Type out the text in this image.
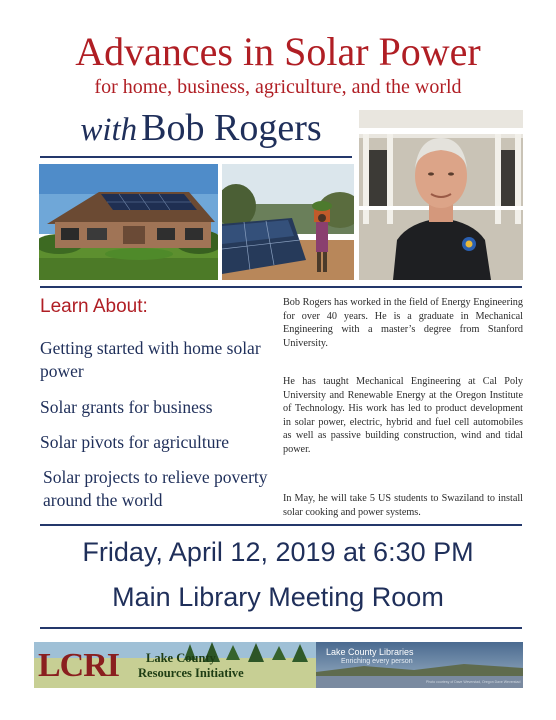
Advances in Solar Power
for home, business, agriculture, and the world
with Bob Rogers
Learn About:
Getting started with home solar power
Solar grants for business
Solar pivots for agriculture
Solar projects to relieve poverty around the world
Bob Rogers has worked in the field of Energy Engineering for over 40 years. He is a graduate in Mechanical Engineering with a master’s degree from Stanford University.
He has taught Mechanical Engineering at Cal Poly University and Renewable Energy at the Oregon Institute of Technology. His work has led to product development in solar power, electric, hybrid and fuel cell automobiles as well as passive building construction, wind and tidal power.
In May, he will take 5 US students to Swaziland to install solar cooking and power systems.
Friday, April 12, 2019 at 6:30 PM
Main Library Meeting Room
LCRI Lake County
Resources Initiative
Lake County Libraries
Enriching every person
Photo courtesy of Dave Weverstad, Oregon Dave Weverstad
